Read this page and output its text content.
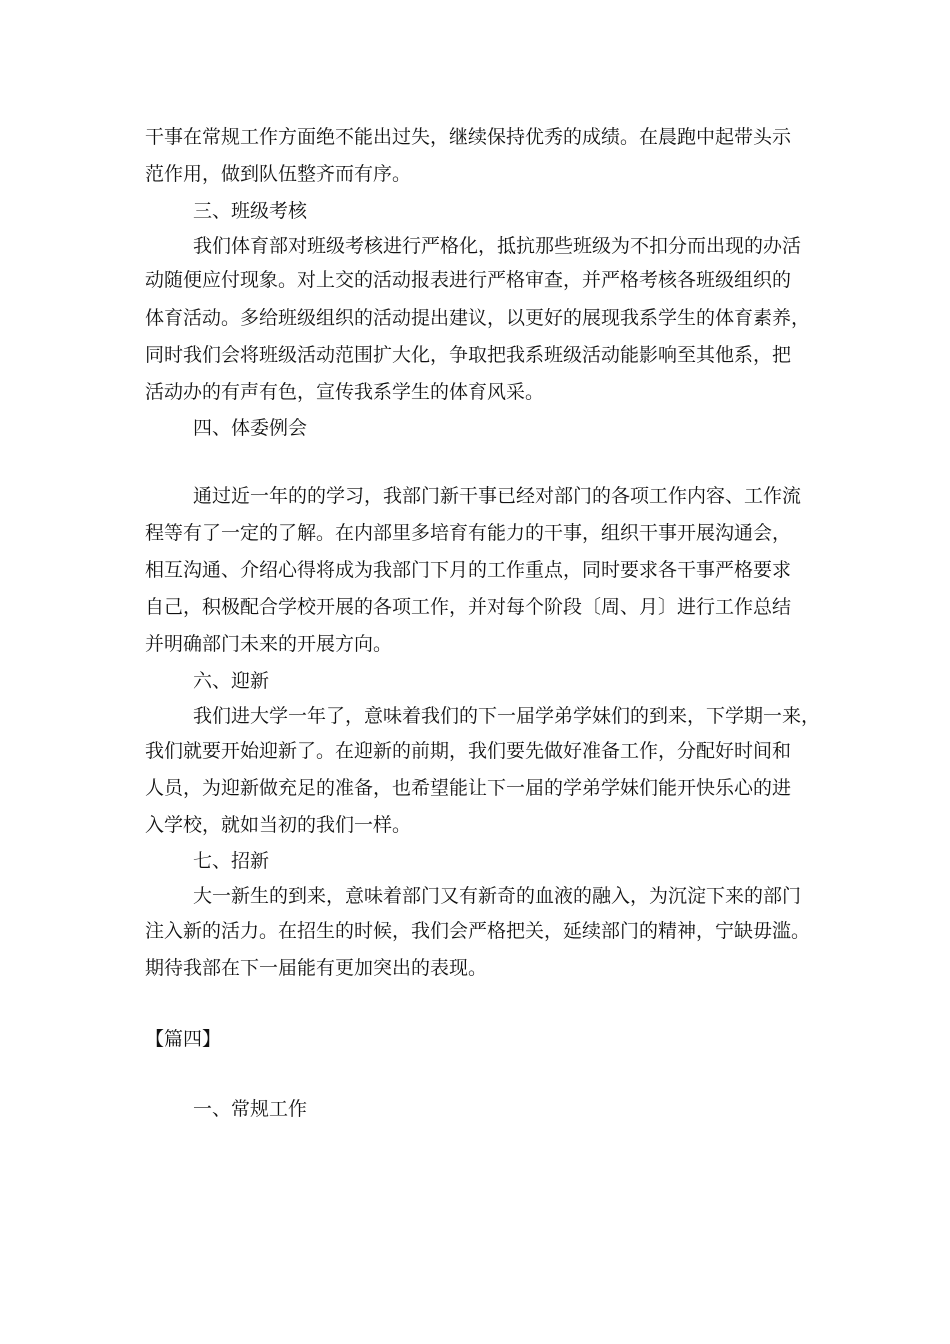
干事在常规工作方面绝不能出过失，继续保持优秀的成绩。在晨跑中起带头示
范作用，做到队伍整齐而有序。
三、班级考核
我们体育部对班级考核进行严格化，抵抗那些班级为不扣分而出现的办活
动随便应付现象。对上交的活动报表进行严格审查，并严格考核各班级组织的
体育活动。多给班级组织的活动提出建议，以更好的展现我系学生的体育素养，
同时我们会将班级活动范围扩大化，争取把我系班级活动能影响至其他系，把
活动办的有声有色，宣传我系学生的体育风采。
四、体委例会
通过近一年的的学习，我部门新干事已经对部门的各项工作内容、工作流
程等有了一定的了解。在内部里多培育有能力的干事，组织干事开展沟通会，
相互沟通、介绍心得将成为我部门下月的工作重点，同时要求各干事严格要求
自己，积极配合学校开展的各项工作，并对每个阶段〔周、月〕进行工作总结
并明确部门未来的开展方向。
六、迎新
我们进大学一年了，意味着我们的下一届学弟学妹们的到来，下学期一来，
我们就要开始迎新了。在迎新的前期，我们要先做好准备工作，分配好时间和
人员，为迎新做充足的准备，也希望能让下一届的学弟学妹们能开快乐心的进
入学校，就如当初的我们一样。
七、招新
大一新生的到来，意味着部门又有新奇的血液的融入，为沉淀下来的部门
注入新的活力。在招生的时候，我们会严格把关，延续部门的精神，宁缺毋滥。
期待我部在下一届能有更加突出的表现。
【篇四】
一、常规工作
